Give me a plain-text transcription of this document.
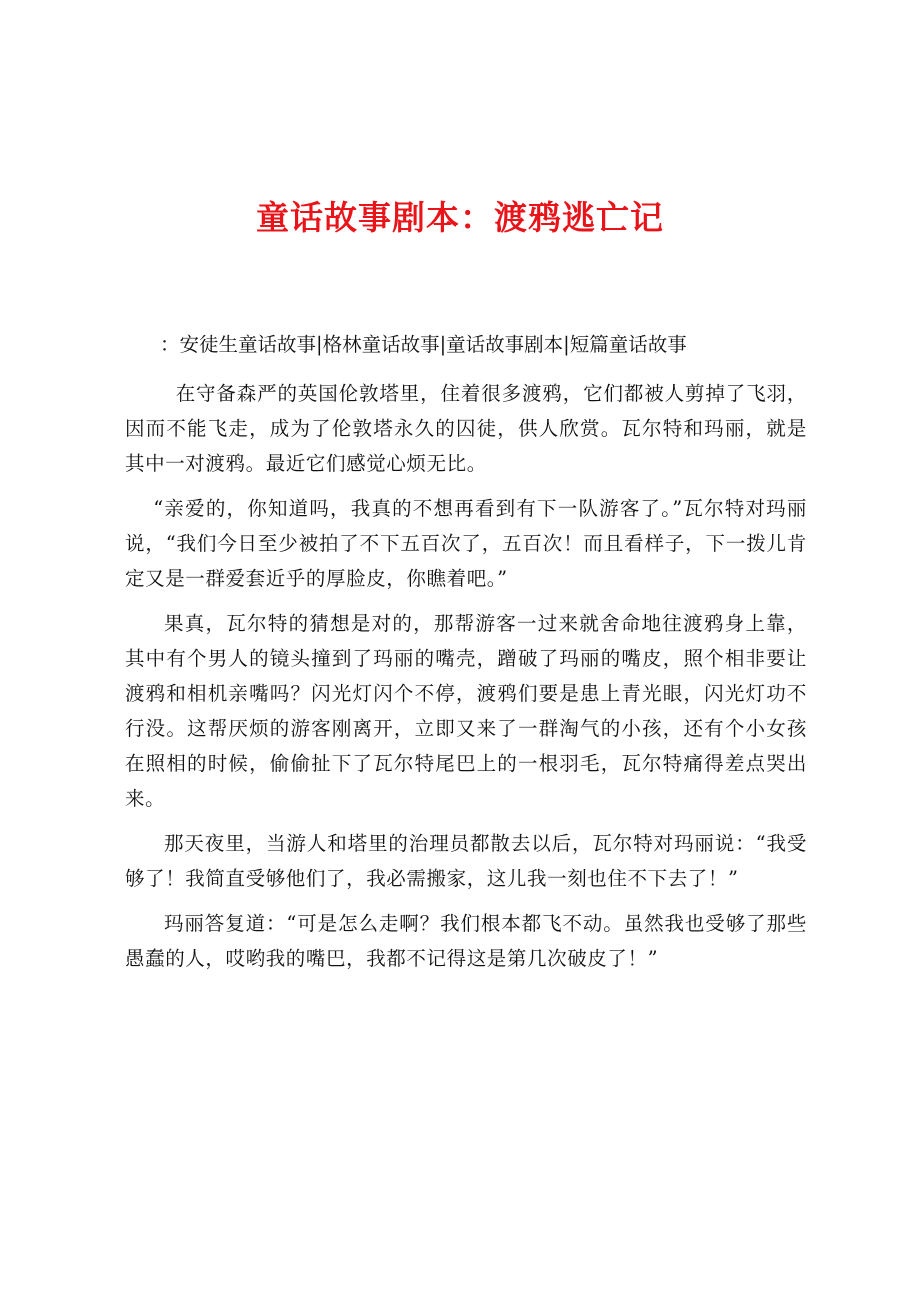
童话故事剧本：渡鸦逃亡记
：安徒生童话故事|格林童话故事|童话故事剧本|短篇童话故事

在守备森严的英国伦敦塔里，住着很多渡鸦，它们都被人剪掉了飞羽，因而不能飞走，成为了伦敦塔永久的囚徒，供人欣赏。瓦尔特和玛丽，就是其中一对渡鸦。最近它们感觉心烦无比。

“亲爱的，你知道吗，我真的不想再看到有下一队游客了。”瓦尔特对玛丽说，“我们今日至少被拍了不下五百次了，五百次！而且看样子，下一拨儿肯定又是一群爱套近乎的厚脸皮，你瞧着吧。”

果真，瓦尔特的猜想是对的，那帮游客一过来就舍命地往渡鸦身上靠，其中有个男人的镜头撞到了玛丽的嘴壳，蹭破了玛丽的嘴皮，照个相非要让渡鸦和相机亲嘴吗？闪光灯闪个不停，渡鸦们要是患上青光眼，闪光灯功不行没。这帮厌烦的游客刚离开，立即又来了一群淘气的小孩，还有个小女孩在照相的时候，偷偷扯下了瓦尔特尾巴上的一根羽毛，瓦尔特痛得差点哭出来。

那天夜里，当游人和塔里的治理员都散去以后，瓦尔特对玛丽说：“我受够了！我简直受够他们了，我必需搬家，这儿我一刻也住不下去了！”

玛丽答复道：“可是怎么走啊？我们根本都飞不动。虽然我也受够了那些愚蠢的人，哎哟我的嘴巴，我都不记得这是第几次破皮了！”
